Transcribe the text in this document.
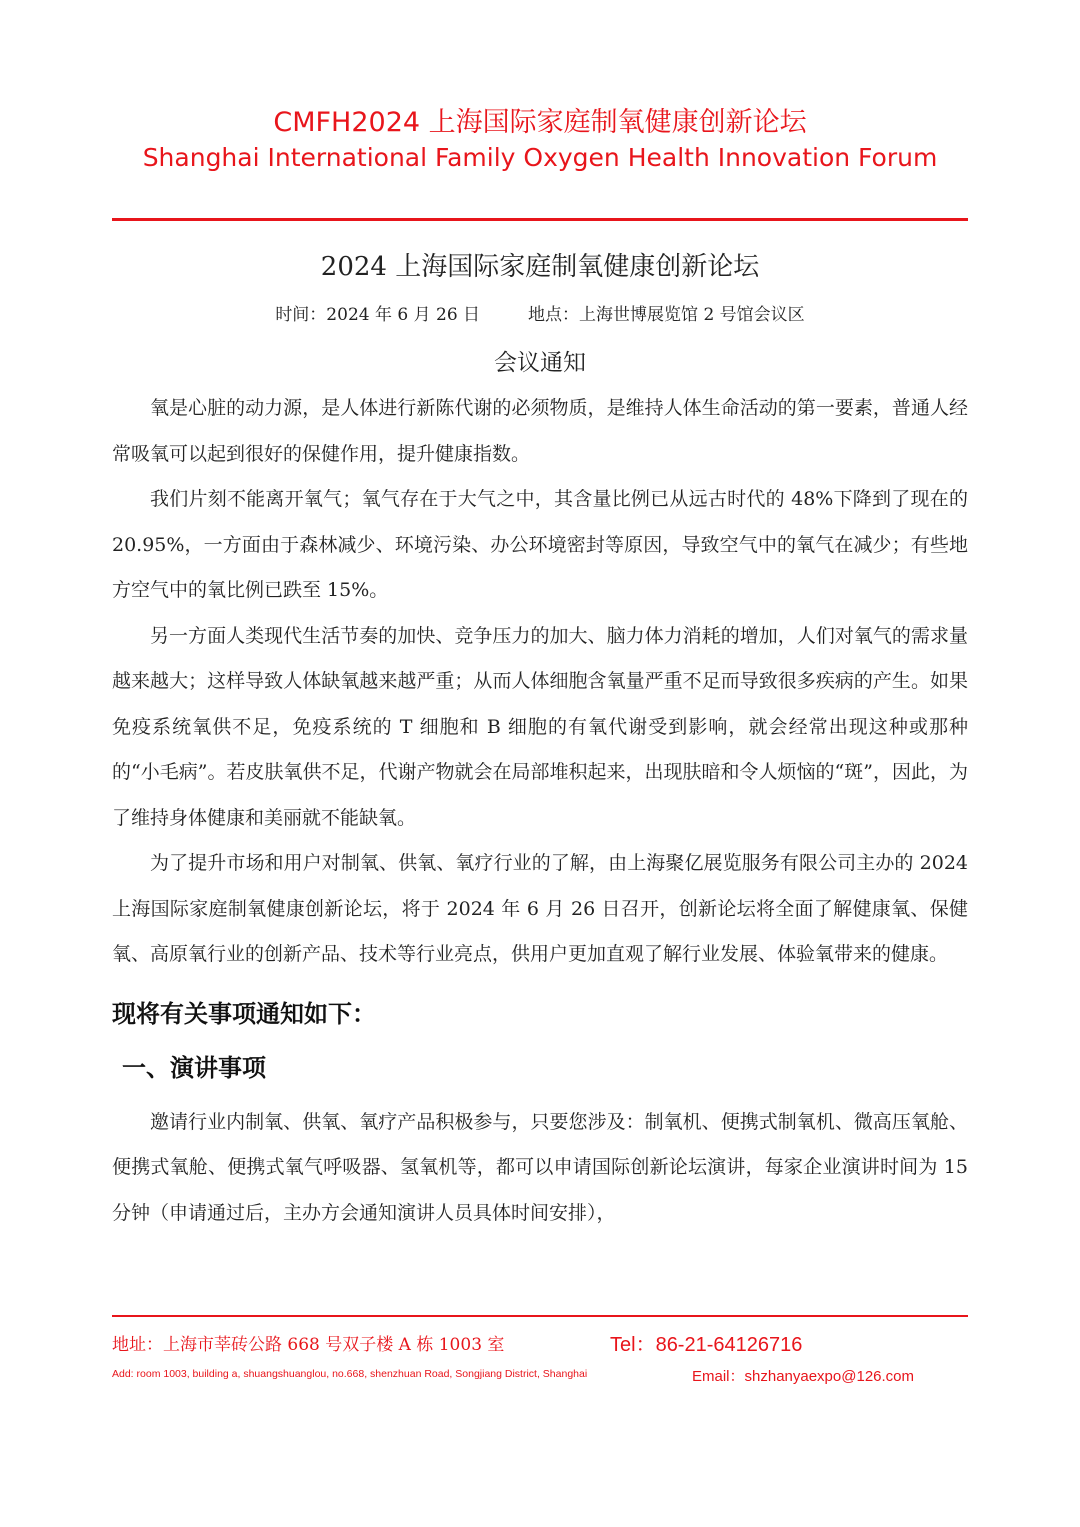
CMFH2024 上海国际家庭制氧健康创新论坛
Shanghai International Family Oxygen Health Innovation Forum
2024 上海国际家庭制氧健康创新论坛
时间：2024 年 6 月 26 日	地点：上海世博展览馆 2 号馆会议区
会议通知

氧是心脏的动力源，是人体进行新陈代谢的必须物质，是维持人体生命活动的第一要素，普通人经常吸氧可以起到很好的保健作用，提升健康指数。

我们片刻不能离开氧气；氧气存在于大气之中，其含量比例已从远古时代的 48%下降到了现在的 20.95%，一方面由于森林减少、环境污染、办公环境密封等原因，导致空气中的氧气在减少；有些地方空气中的氧比例已跌至 15%。

另一方面人类现代生活节奏的加快、竞争压力的加大、脑力体力消耗的增加，人们对氧气的需求量越来越大；这样导致人体缺氧越来越严重；从而人体细胞含氧量严重不足而导致很多疾病的产生。如果免疫系统氧供不足，免疫系统的 T 细胞和 B 细胞的有氧代谢受到影响，就会经常出现这种或那种的“小毛病”。若皮肤氧供不足，代谢产物就会在局部堆积起来，出现肤暗和令人烦恼的“斑”，因此，为了维持身体健康和美丽就不能缺氧。

为了提升市场和用户对制氧、供氧、氧疗行业的了解，由上海聚亿展览服务有限公司主办的 2024 上海国际家庭制氧健康创新论坛，将于 2024 年 6 月 26 日召开，创新论坛将全面了解健康氧、保健氧、高原氧行业的创新产品、技术等行业亮点，供用户更加直观了解行业发展、体验氧带来的健康。

现将有关事项通知如下：

一、演讲事项

邀请行业内制氧、供氧、氧疗产品积极参与，只要您涉及：制氧机、便携式制氧机、微高压氧舱、便携式氧舱、便携式氧气呼吸器、氢氧机等，都可以申请国际创新论坛演讲，每家企业演讲时间为 15 分钟（申请通过后，主办方会通知演讲人员具体时间安排），

地址：上海市莘砖公路 668 号双子楼 A 栋 1003 室	Tel：86-21-64126716
Add: room 1003, building a, shuangshuanglou, no.668, shenzhuan Road, Songjiang District, Shanghai	Email：shzhanyaexpo@126.com
